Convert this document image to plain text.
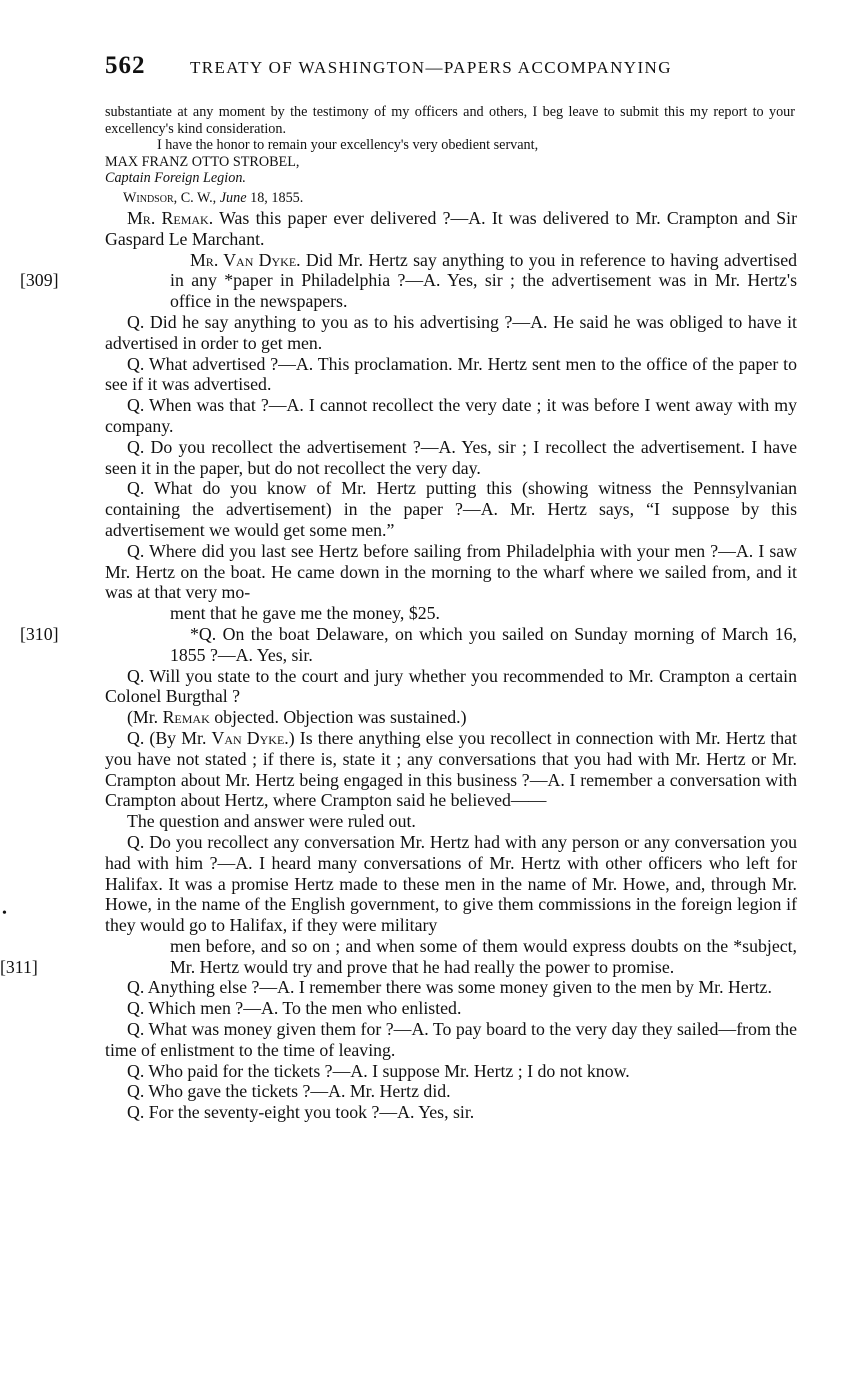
562	TREATY OF WASHINGTON—PAPERS ACCOMPANYING

substantiate at any moment by the testimony of my officers and others, I beg leave to submit this my report to your excellency's kind consideration.

I have the honor to remain your excellency's very obedient servant,

MAX FRANZ OTTO STROBEL,

Captain Foreign Legion.

Windsor, C. W., June 18, 1855.

Mr. Remak. Was this paper ever delivered ?—A. It was delivered to Mr. Crampton and Sir Gaspard Le Marchant.

[309]
Mr. Van Dyke. Did Mr. Hertz say anything to you in reference to having advertised in any *paper in Philadelphia ?—A. Yes, sir ; the advertisement was in Mr. Hertz's office in the newspapers.

Q. Did he say anything to you as to his advertising ?—A. He said he was obliged to have it advertised in order to get men.

Q. What advertised ?—A. This proclamation. Mr. Hertz sent men to the office of the paper to see if it was advertised.

Q. When was that ?—A. I cannot recollect the very date ; it was before I went away with my company.

Q. Do you recollect the advertisement ?—A. Yes, sir ; I recollect the advertisement. I have seen it in the paper, but do not recollect the very day.

Q. What do you know of Mr. Hertz putting this (showing witness the Pennsylvanian containing the advertisement) in the paper ?—A. Mr. Hertz says, “I suppose by this advertisement we would get some men.”

Q. Where did you last see Hertz before sailing from Philadelphia with your men ?—A. I saw Mr. Hertz on the boat. He came down in the morning to the wharf where we sailed from, and it was at that very mo-

ment that he gave me the money, $25.

[310]	*Q. On the boat Delaware, on which you sailed on Sunday morning of March 16, 1855 ?—A. Yes, sir.

Q. Will you state to the court and jury whether you recommended to Mr. Crampton a certain Colonel Burgthal ?

(Mr. Remak objected. Objection was sustained.)

Q. (By Mr. Van Dyke.) Is there anything else you recollect in connection with Mr. Hertz that you have not stated ; if there is, state it ; any conversations that you had with Mr. Hertz or Mr. Crampton about Mr. Hertz being engaged in this business ?—A. I remember a conversation with Crampton about Hertz, where Crampton said he believed——

The question and answer were ruled out.

Q. Do you recollect any conversation Mr. Hertz had with any person or any conversation you had with him ?—A. I heard many conversations of Mr. Hertz with other officers who left for Halifax. It was a promise Hertz made to these men in the name of Mr. Howe, and, through Mr. Howe, in the name of the English government, to give them commissions in the foreign legion if they would go to Halifax, if they were military

[311]
men before, and so on ; and when some of them would express doubts on the *subject, Mr. Hertz would try and prove that he had really the power to promise.

Q. Anything else ?—A. I remember there was some money given to the men by Mr. Hertz.

Q. Which men ?—A. To the men who enlisted.

Q. What was money given them for ?—A. To pay board to the very day they sailed—from the time of enlistment to the time of leaving.

Q. Who paid for the tickets ?—A. I suppose Mr. Hertz ; I do not know.

Q. Who gave the tickets ?—A. Mr. Hertz did.

Q. For the seventy-eight you took ?—A. Yes, sir.

•
